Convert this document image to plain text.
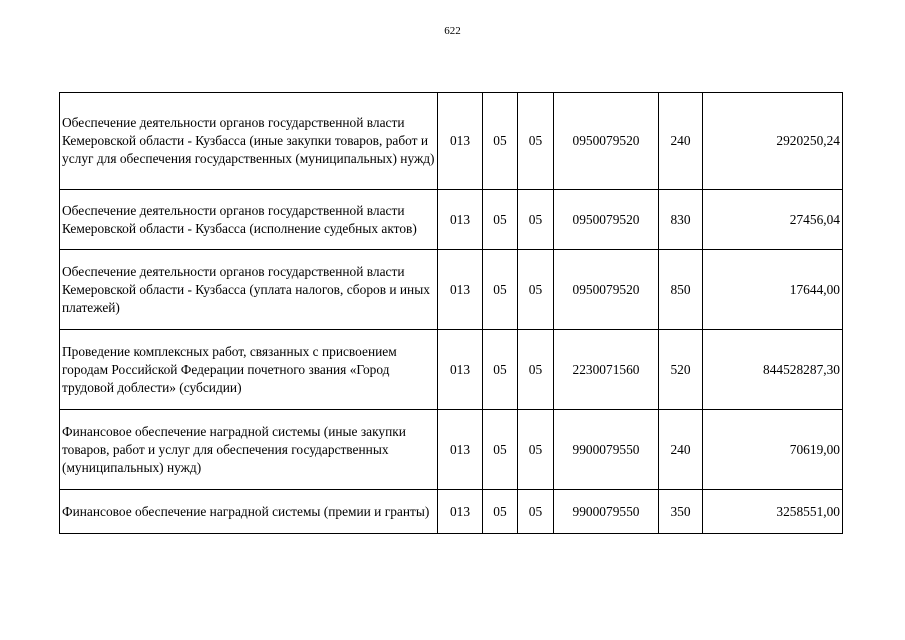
622
Обеспечение деятельности органов государственной власти Кемеровской области - Кузбасса (иные закупки товаров, работ и услуг для обеспечения государственных (муниципальных) нужд)	013	05	05	0950079520	240	2920250,24
Обеспечение деятельности органов государственной власти Кемеровской области - Кузбасса (исполнение судебных актов)	013	05	05	0950079520	830	27456,04
Обеспечение деятельности органов государственной власти Кемеровской области - Кузбасса (уплата налогов, сборов и иных платежей)	013	05	05	0950079520	850	17644,00
Проведение комплексных работ, связанных с присвоением городам Российской Федерации почетного звания «Город трудовой доблести» (субсидии)	013	05	05	2230071560	520	844528287,30
Финансовое обеспечение наградной системы (иные закупки товаров, работ и услуг для обеспечения государственных (муниципальных) нужд)	013	05	05	9900079550	240	70619,00
Финансовое обеспечение наградной системы (премии и гранты)	013	05	05	9900079550	350	3258551,00
